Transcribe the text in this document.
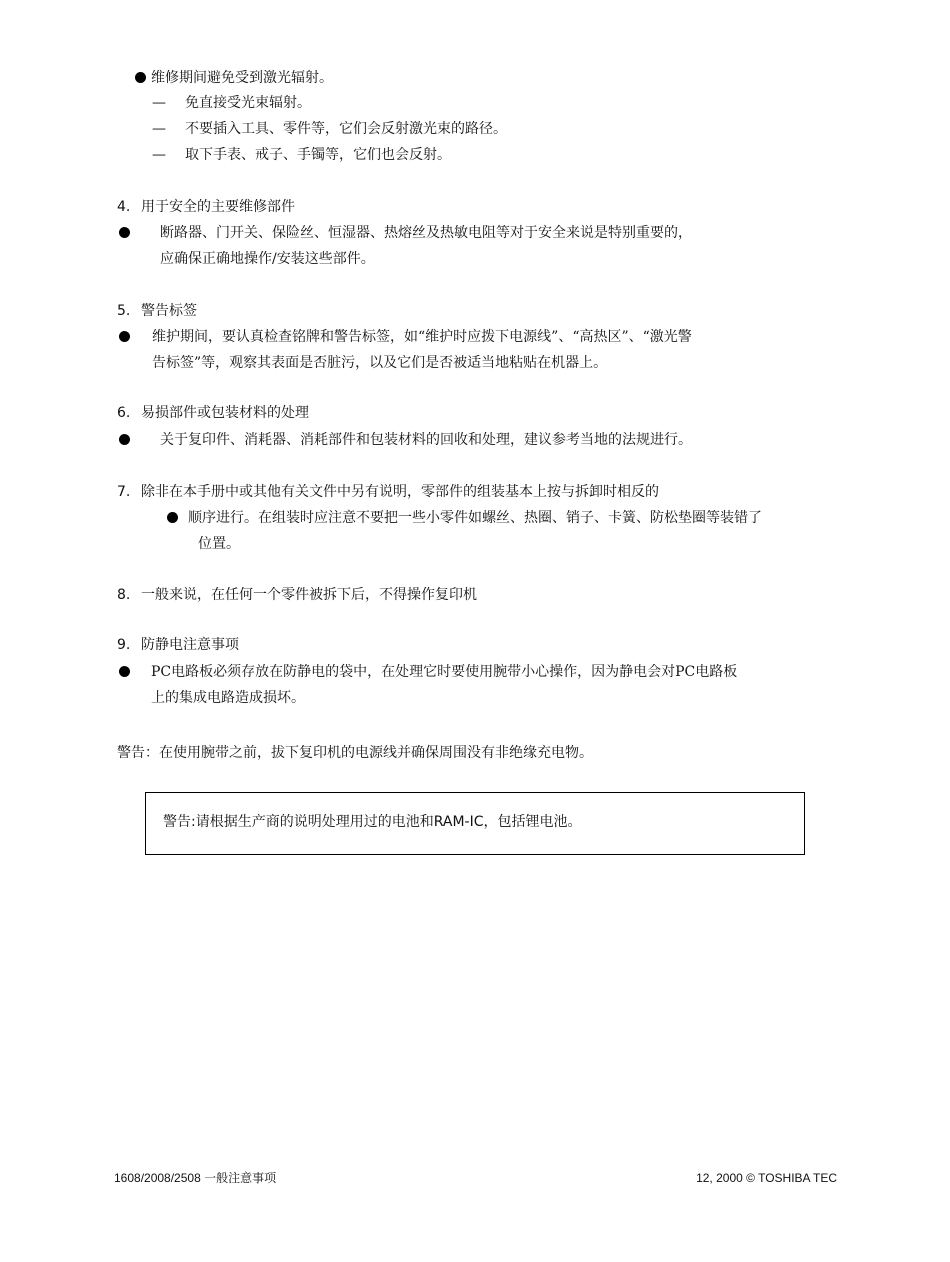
维修期间避免受到激光辐射。
— 免直接受光束辐射。
— 不要插入工具、零件等，它们会反射激光束的路径。
— 取下手表、戒子、手镯等，它们也会反射。
4. 用于安全的主要维修部件
断路器、门开关、保险丝、恒湿器、热熔丝及热敏电阻等对于安全来说是特别重要的，
应确保正确地操作/安装这些部件。
5. 警告标签
维护期间，要认真检查铭牌和警告标签，如“维护时应拨下电源线”、“高热区”、“激光警
告标签”等，观察其表面是否脏污，以及它们是否被适当地粘贴在机器上。
6. 易损部件或包装材料的处理
关于复印件、消耗器、消耗部件和包装材料的回收和处理，建议参考当地的法规进行。
7. 除非在本手册中或其他有关文件中另有说明，零部件的组装基本上按与拆卸时相反的
顺序进行。在组装时应注意不要把一些小零件如螺丝、热圈、销子、卡簧、防松垫圈等装错了
位置。
8. 一般来说，在任何一个零件被拆下后，不得操作复印机
9. 防静电注意事项
PC电路板必须存放在防静电的袋中，在处理它时要使用腕带小心操作，因为静电会对PC电路板
上的集成电路造成损坏。
警告：在使用腕带之前，拔下复印机的电源线并确保周围没有非绝缘充电物。
警告:请根据生产商的说明处理用过的电池和RAM-IC，包括锂电池。
1608/2008/2508 一般注意事项	12, 2000 © TOSHIBA TEC
